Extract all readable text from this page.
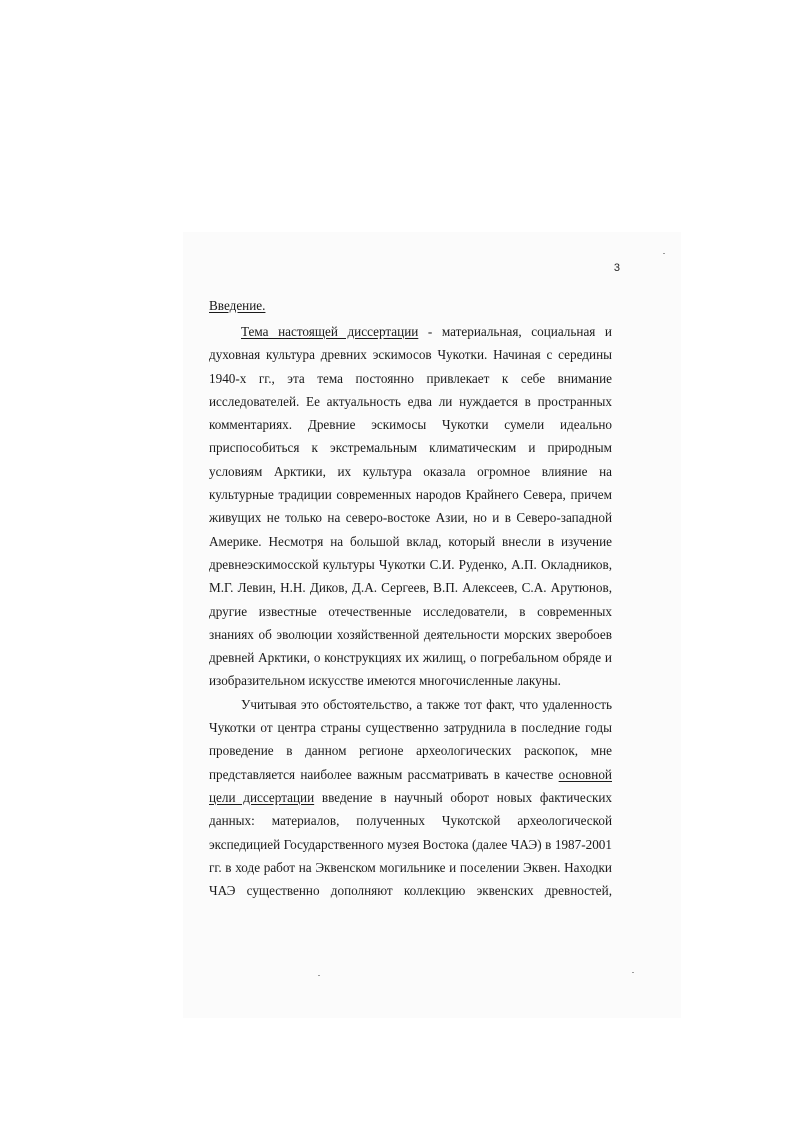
3
Введение.
Тема настоящей диссертации - материальная, социальная и
духовная культура древних эскимосов Чукотки. Начиная с середины
1940-х гг., эта тема постоянно привлекает к себе внимание
исследователей. Ее актуальность едва ли нуждается в пространных
комментариях. Древние эскимосы Чукотки сумели идеально
приспособиться к экстремальным климатическим и природным
условиям Арктики, их культура оказала огромное влияние на
культурные традиции современных народов Крайнего Севера, причем
живущих не только на северо-востоке Азии, но и в Северо-западной
Америке. Несмотря на большой вклад, который внесли в изучение
древнеэскимосской культуры Чукотки С.И. Руденко, А.П. Окладников,
М.Г. Левин, Н.Н. Диков, Д.А. Сергеев, В.П. Алексеев, С.А. Арутюнов,
другие известные отечественные исследователи, в современных
знаниях об эволюции хозяйственной деятельности морских зверобоев
древней Арктики, о конструкциях их жилищ, о погребальном обряде и
изобразительном искусстве имеются многочисленные лакуны.
Учитывая это обстоятельство, а также тот факт, что удаленность
Чукотки от центра страны существенно затруднила в последние годы
проведение в данном регионе археологических раскопок, мне
представляется наиболее важным рассматривать в качестве основной
цели диссертации введение в научный оборот новых фактических
данных: материалов, полученных Чукотской археологической
экспедицией Государственного музея Востока (далее ЧАЭ) в 1987-2001
гг. в ходе работ на Эквенском могильнике и поселении Эквен. Находки
ЧАЭ существенно дополняют коллекцию эквенских древностей,
